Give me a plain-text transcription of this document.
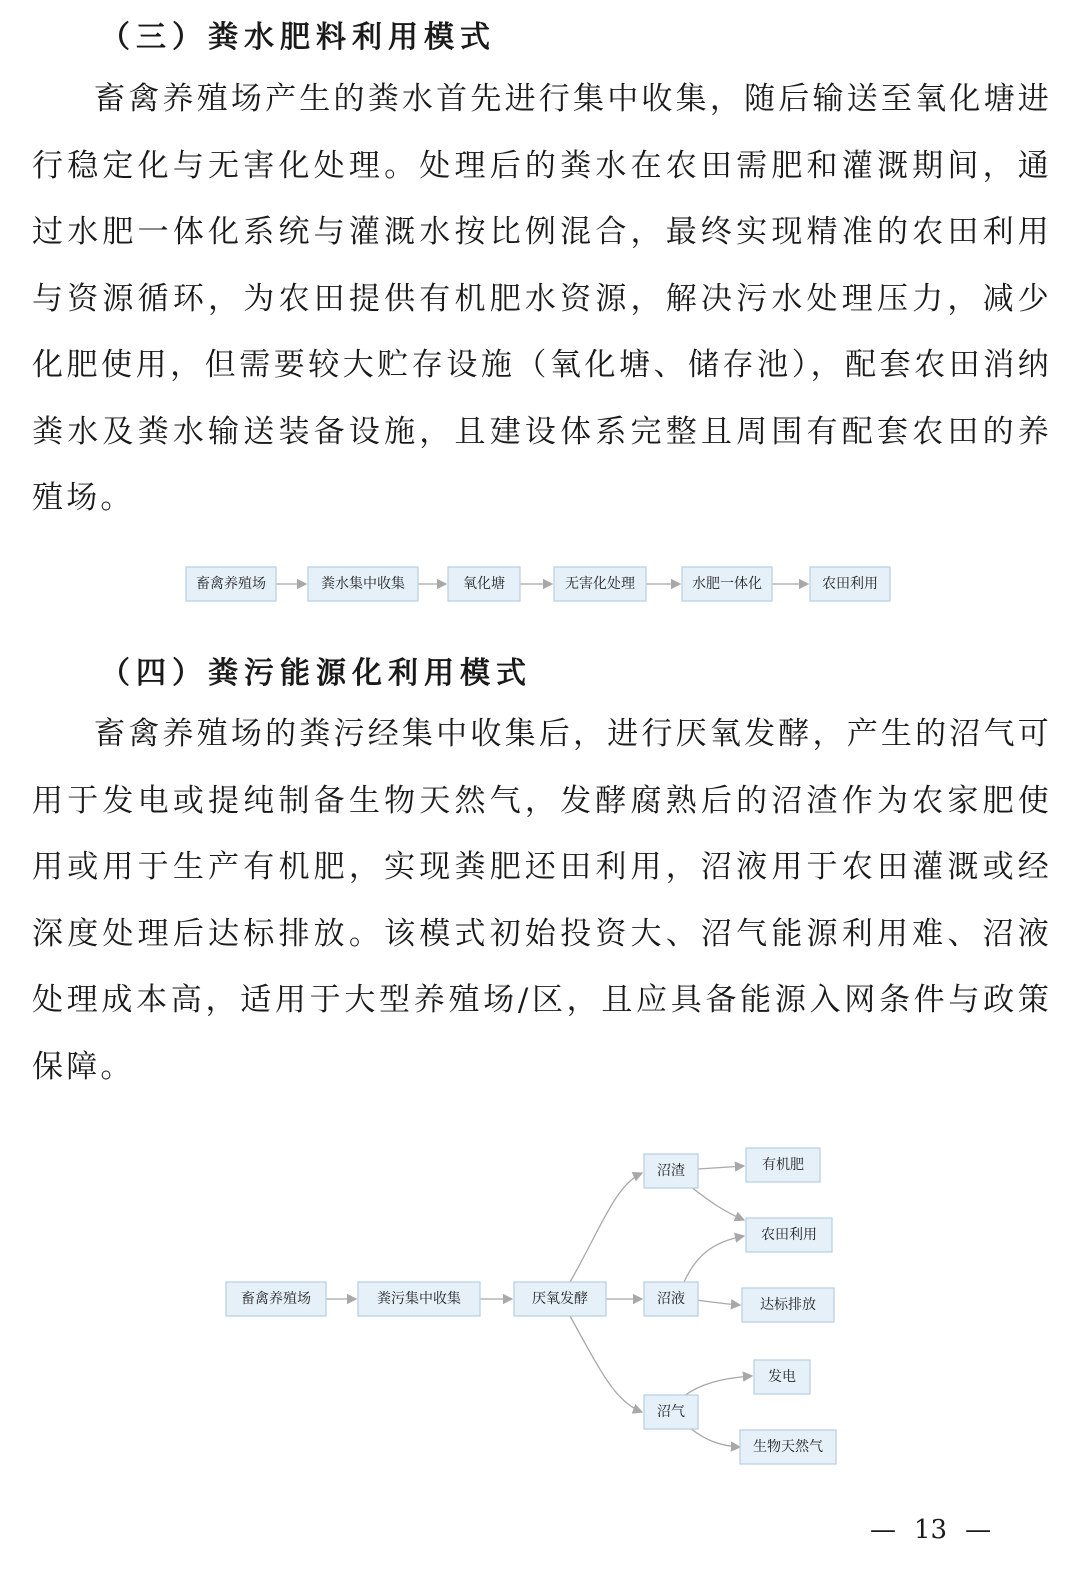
（三）粪水肥料利用模式

畜禽养殖场产生的粪水首先进行集中收集，随后输送至氧化塘进行稳定化与无害化处理。处理后的粪水在农田需肥和灌溉期间，通过水肥一体化系统与灌溉水按比例混合，最终实现精准的农田利用与资源循环，为农田提供有机肥水资源，解决污水处理压力，减少化肥使用，但需要较大贮存设施（氧化塘、储存池），配套农田消纳粪水及粪水输送装备设施，且建设体系完整且周围有配套农田的养殖场。

畜禽养殖场	粪水集中收集	氧化塘	无害化处理	水肥一体化	农田利用
（四）粪污能源化利用模式

畜禽养殖场的粪污经集中收集后，进行厌氧发酵，产生的沼气可用于发电或提纯制备生物天然气，发酵腐熟后的沼渣作为农家肥使用或用于生产有机肥，实现粪肥还田利用，沼液用于农田灌溉或经深度处理后达标排放。该模式初始投资大、沼气能源利用难、沼液处理成本高，适用于大型养殖场/区，且应具备能源入网条件与政策保障。

畜禽养殖场	粪污集中收集	厌氧发酵
沼渣
沼液
沼气
有机肥
农田利用
达标排放
发电
生物天然气
— 13 —
